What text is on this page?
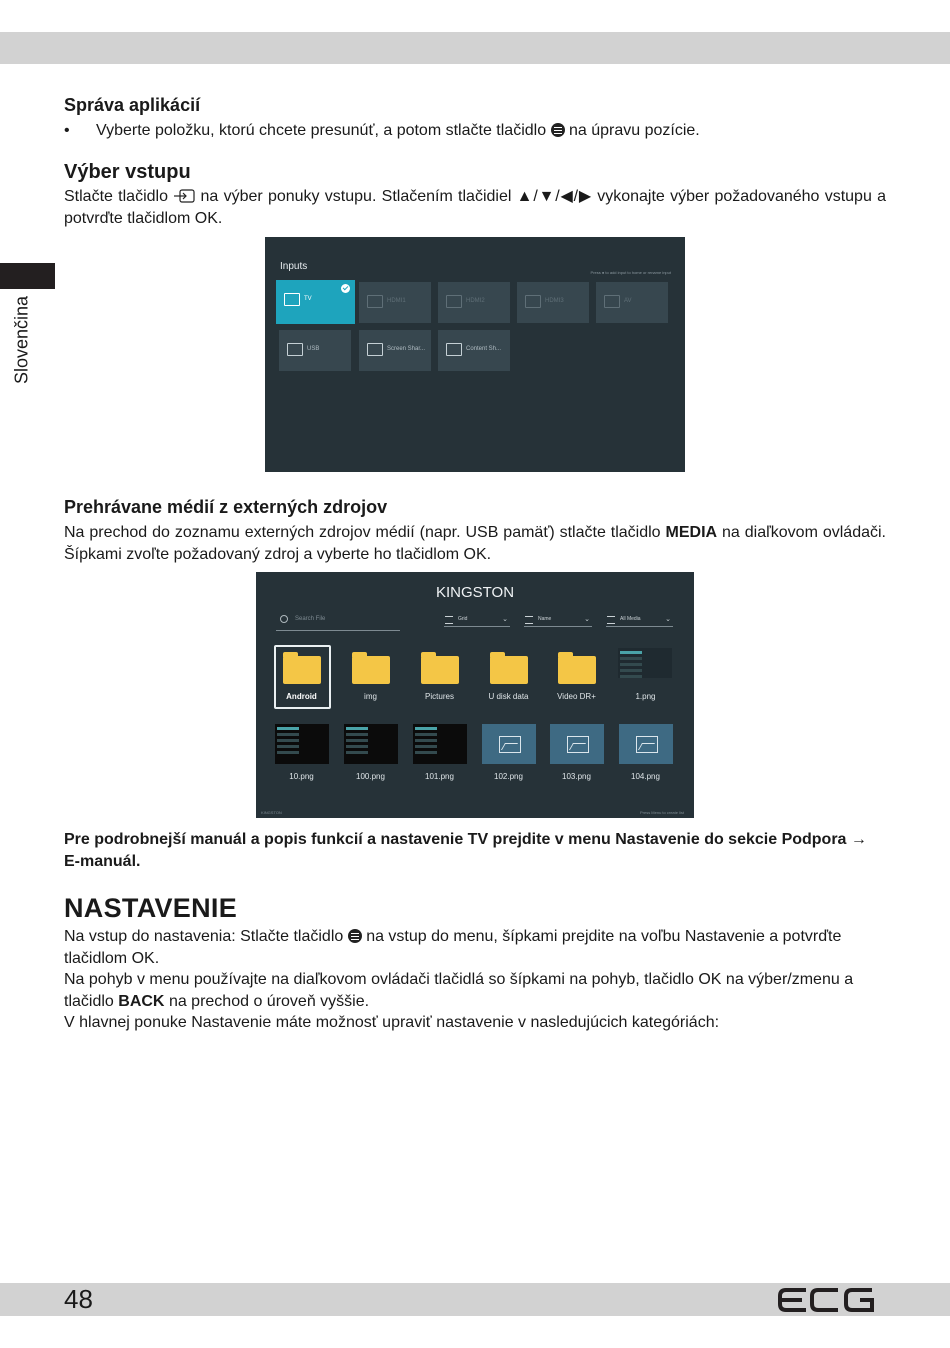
Slovenčina
Správa aplikácií
• Vyberte položku, ktorú chcete presunúť, a potom stlačte tlačidlo na úpravu pozície.
Výber vstupu

Stlačte tlačidlo na výber ponuky vstupu. Stlačením tlačidiel ▲/▼/◀/▶ vykonajte výber požadovaného vstupu a potvrďte tlačidlom OK.

Inputs
Press ● to add input to home or rename input
TV	HDMI1	HDMI2	HDMI3	AV
USB	Screen Shar...	Content Sh...
Prehrávane médií z externých zdrojov

Na prechod do zoznamu externých zdrojov médií (napr. USB pamäť) stlačte tlačidlo MEDIA na diaľkovom ovládači. Šípkami zvoľte požadovaný zdroj a vyberte ho tlačidlom OK.

KINGSTON
Search File	Grid	⌄	Name	⌄	All Media	⌄
Android	img	Pictures	U disk data	Video DR+	1.png
10.png	100.png	101.png	102.png	103.png	104.png
KINGSTON	Press Menu to create list

Pre podrobnejší manuál a popis funkcií a nastavenie TV prejdite v menu Nastavenie do sekcie Podpora → E-manuál.

NASTAVENIE

Na vstup do nastavenia: Stlačte tlačidlo na vstup do menu, šípkami prejdite na voľbu Nastavenie a potvrďte tlačidlom OK.

Na pohyb v menu používajte na diaľkovom ovládači tlačidlá so šípkami na pohyb, tlačidlo OK na výber/zmenu a tlačidlo BACK na prechod o úroveň vyššie.

V hlavnej ponuke Nastavenie máte možnosť upraviť nastavenie v nasledujúcich kategóriách:

48
